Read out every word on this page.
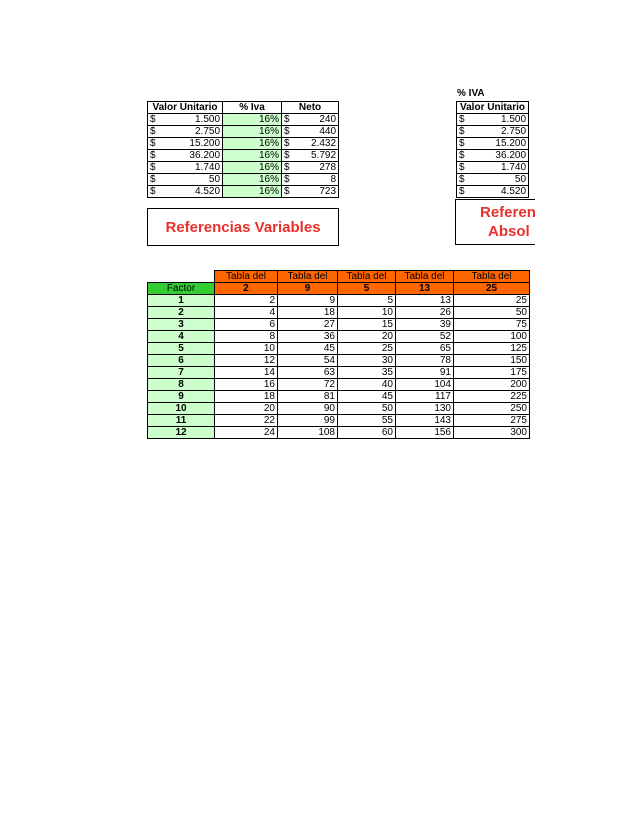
Valor Unitario		% Iva	Neto	
$	1.500	16%	$	240
$	2.750	16%	$	440
$	15.200	16%	$	2.432
$	36.200	16%	$	5.792
$	1.740	16%	$	278
$	50	16%	$	8
$	4.520	16%	$	723
% IVA
Valor Unitario	
$	1.500
$	2.750
$	15.200
$	36.200
$	1.740
$	50
$	4.520
Referencias Variables
Referen
Absol
	Tabla del	Tabla del	Tabla del	Tabla del	Tabla del
Factor	2	9	5	13	25
1	2	9	5	13	25
2	4	18	10	26	50
3	6	27	15	39	75
4	8	36	20	52	100
5	10	45	25	65	125
6	12	54	30	78	150
7	14	63	35	91	175
8	16	72	40	104	200
9	18	81	45	117	225
10	20	90	50	130	250
11	22	99	55	143	275
12	24	108	60	156	300
